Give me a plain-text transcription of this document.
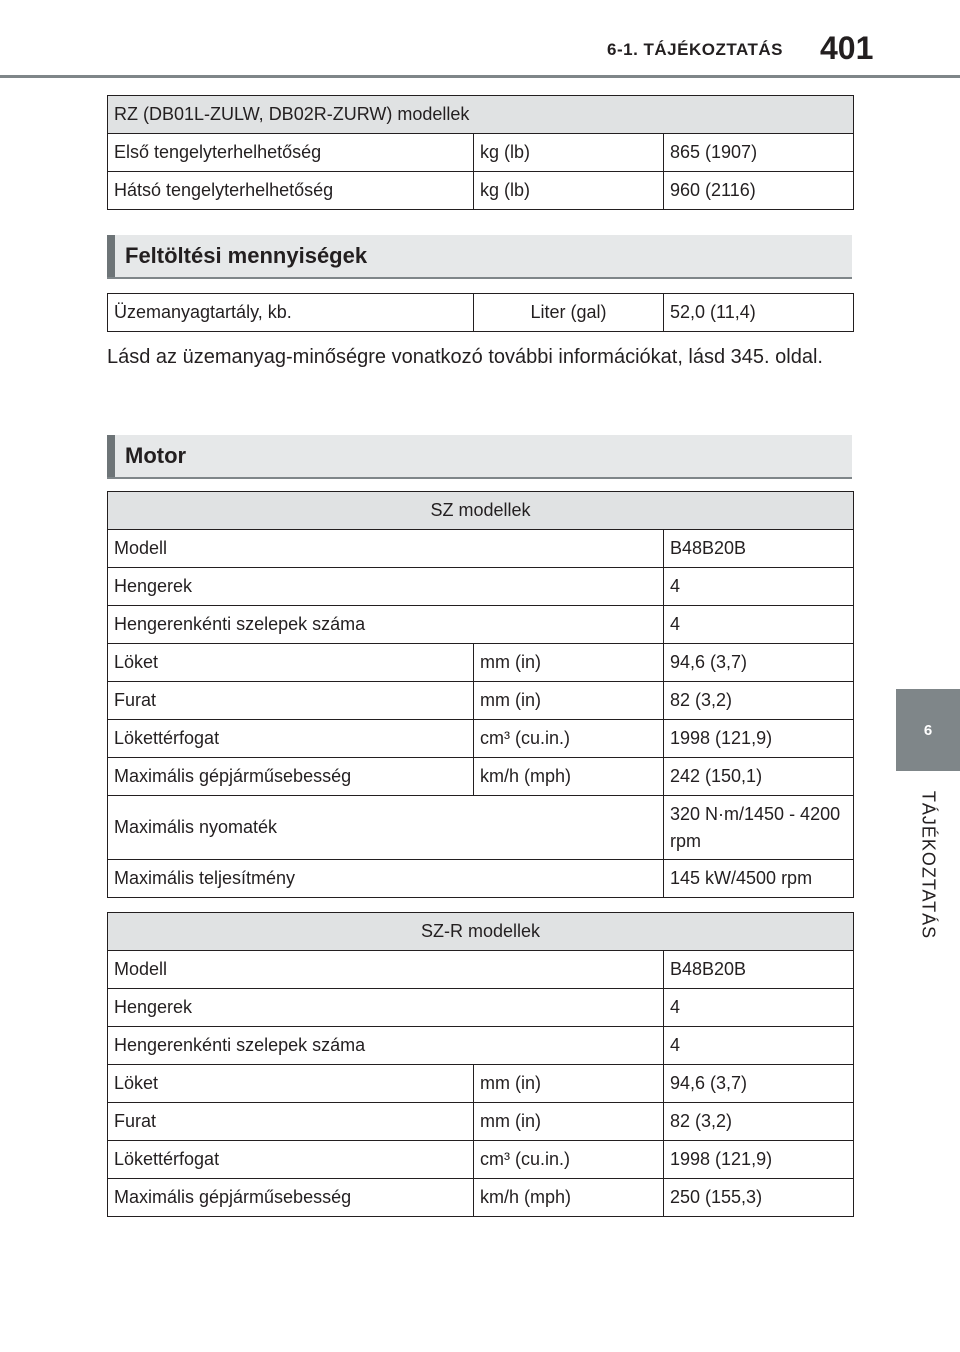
6-1. TÁJÉKOZTATÁS 401
6
TÁJÉKOZTATÁS
RZ (DB01L-ZULW, DB02R-ZURW) modellek		
Első tengelyterhelhetőség	kg (lb)	865 (1907)
Hátsó tengelyterhelhetőség	kg (lb)	960 (2116)
Feltöltési mennyiségek
Üzemanyagtartály, kb.	Liter (gal)	52,0 (11,4)
Lásd az üzemanyag-minőségre vonatkozó további információkat, lásd 345. oldal.
Motor
SZ modellek		
Modell		B48B20B
Hengerek		4
Hengerenkénti szelepek száma		4
Löket	mm (in)	94,6 (3,7)
Furat	mm (in)	82 (3,2)
Lökettérfogat	cm³ (cu.in.)	1998 (121,9)
Maximális gépjárműsebesség	km/h (mph)	242 (150,1)
Maximális nyomaték		320 N·m/1450 - 4200 rpm
Maximális teljesítmény		145 kW/4500 rpm
SZ-R modellek		
Modell		B48B20B
Hengerek		4
Hengerenkénti szelepek száma		4
Löket	mm (in)	94,6 (3,7)
Furat	mm (in)	82 (3,2)
Lökettérfogat	cm³ (cu.in.)	1998 (121,9)
Maximális gépjárműsebesség	km/h (mph)	250 (155,3)
